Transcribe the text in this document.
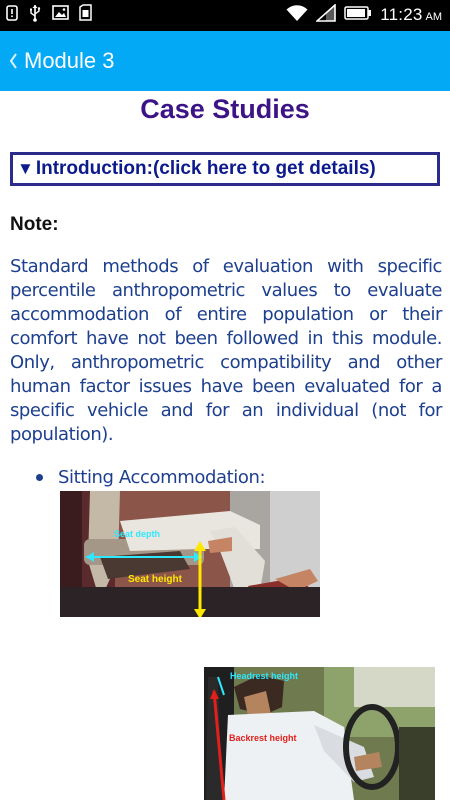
11:23 AM
Module 3
Case Studies
▼ Introduction:(click here to get details)
Note:
Standard methods of evaluation with specific percentile anthropometric values to evaluate accommodation of entire population or their comfort have not been followed in this module. Only, anthropometric compatibility and other human factor issues have been evaluated for a specific vehicle and for an individual (not for population).
Sitting Accommodation:
Seat depth
Seat height
Headrest height
Backrest height
